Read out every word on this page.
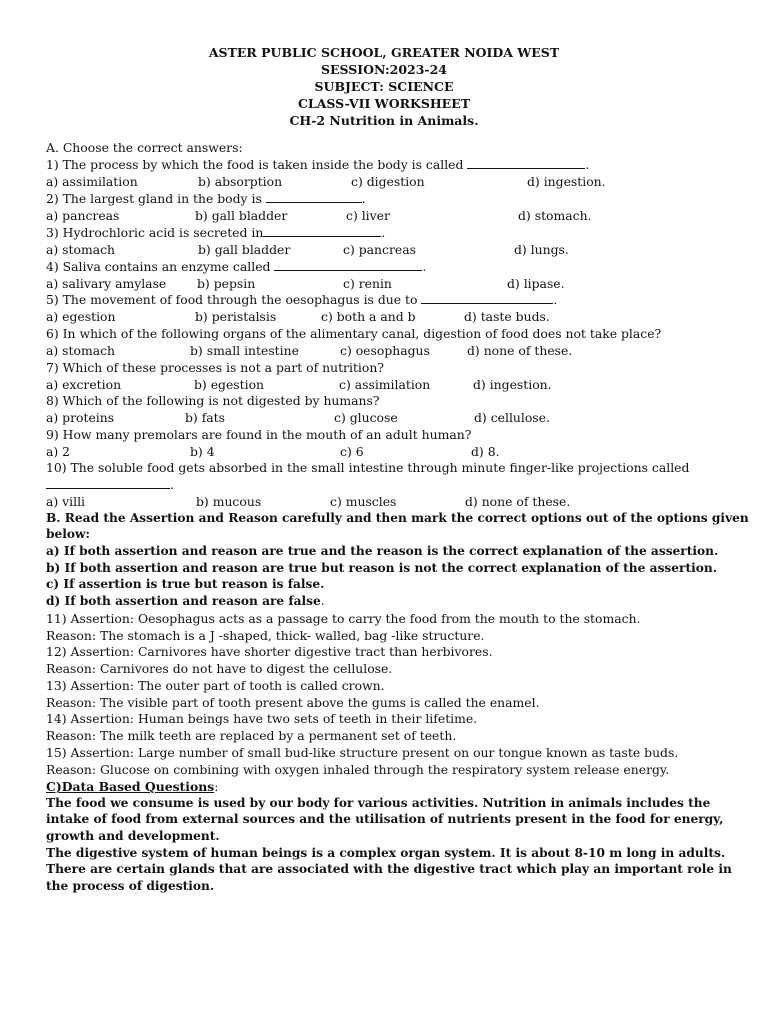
ASTER PUBLIC SCHOOL, GREATER NOIDA WEST
SESSION:2023-24
SUBJECT: SCIENCE
CLASS-VII WORKSHEET
CH-2 Nutrition in Animals.
A. Choose the correct answers:
1) The process by which the food is taken inside the body is called	.
a) assimilation	b) absorption	c) digestion	d) ingestion.
2) The largest gland in the body is	.
a) pancreas	b) gall bladder	c) liver	d) stomach.
3) Hydrochloric acid is secreted in	.
a) stomach	b) gall bladder	c) pancreas	d) lungs.
4) Saliva contains an enzyme called	.
a) salivary amylase b) pepsin	c) renin	d) lipase.
5) The movement of food through the oesophagus is due to	.
a) egestion	b) peristalsis	c) both a and b	d) taste buds.
6) In which of the following organs of the alimentary canal, digestion of food does not take place?
a) stomach	b) small intestine	c) oesophagus	d) none of these.
7) Which of these processes is not a part of nutrition?
a) excretion	b) egestion	c) assimilation	d) ingestion.
8) Which of the following is not digested by humans?
a) proteins	b) fats	c) glucose	d) cellulose.
9) How many premolars are found in the mouth of an adult human?
a) 2	b) 4	c) 6	d) 8.
10) The soluble food gets absorbed in the small intestine through minute finger-like projections called
.
a) villi	b) mucous	c) muscles	d) none of these.
B. Read the Assertion and Reason carefully and then mark the correct options out of the options given
below:
a) If both assertion and reason are true and the reason is the correct explanation of the assertion.
b) If both assertion and reason are true but reason is not the correct explanation of the assertion.
c) If assertion is true but reason is false.
d) If both assertion and reason are false.
11) Assertion: Oesophagus acts as a passage to carry the food from the mouth to the stomach.
Reason: The stomach is a J -shaped, thick- walled, bag -like structure.
12) Assertion: Carnivores have shorter digestive tract than herbivores.
Reason: Carnivores do not have to digest the cellulose.
13) Assertion: The outer part of tooth is called crown.
Reason: The visible part of tooth present above the gums is called the enamel.
14) Assertion: Human beings have two sets of teeth in their lifetime.
Reason: The milk teeth are replaced by a permanent set of teeth.
15) Assertion: Large number of small bud-like structure present on our tongue known as taste buds.
Reason: Glucose on combining with oxygen inhaled through the respiratory system release energy.
C)Data Based Questions:
The food we consume is used by our body for various activities. Nutrition in animals includes the
intake of food from external sources and the utilisation of nutrients present in the food for energy,
growth and development.
The digestive system of human beings is a complex organ system. It is about 8-10 m long in adults.
There are certain glands that are associated with the digestive tract which play an important role in
the process of digestion.
